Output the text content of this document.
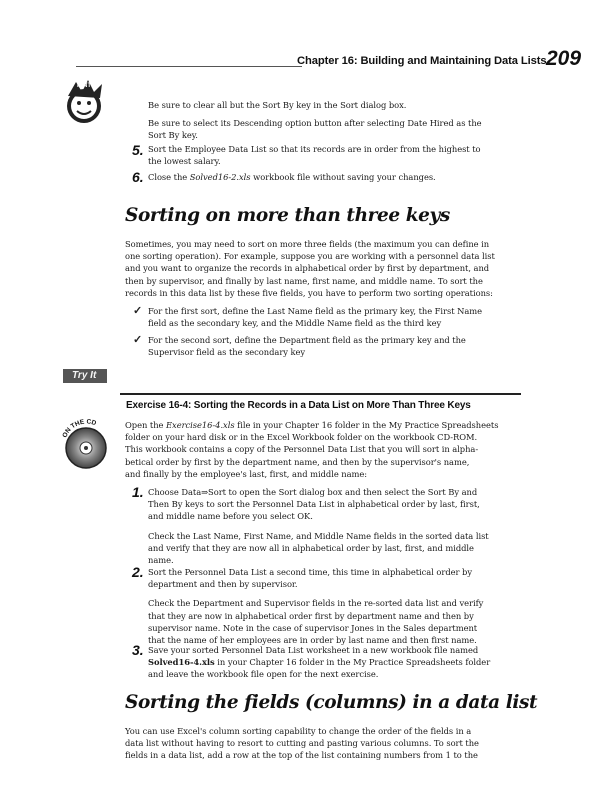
Chapter 16: Building and Maintaining Data Lists 209
HINT

Be sure to clear all but the Sort By key in the Sort dialog box.

Be sure to select its Descending option button after selecting Date Hired as the

Sort By key.

5. Sort the Employee Data List so that its records are in order from the highest to

the lowest salary.

6. Close the Solved16-2.xls workbook file without saving your changes.

Sorting on more than three keys

Sometimes, you may need to sort on more three fields (the maximum you can define in

one sorting operation). For example, suppose you are working with a personnel data list

and you want to organize the records in alphabetical order by first by department, and

then by supervisor, and finally by last name, first name, and middle name. To sort the

records in this data list by these five fields, you have to perform two sorting operations:

✓ For the first sort, define the Last Name field as the primary key, the First Name

field as the secondary key, and the Middle Name field as the third key

✓ For the second sort, define the Department field as the primary key and the

Supervisor field as the secondary key

Try It
Exercise 16-4: Sorting the Records in a Data List on More Than Three Keys
ON THE CD	Open the Exercise16-4.xls file in your Chapter 16 folder in the My Practice Spreadsheets

folder on your hard disk or in the Excel Workbook folder on the workbook CD-ROM.

This workbook contains a copy of the Personnel Data List that you will sort in alpha-

betical order by first by the department name, and then by the supervisor's name,

and finally by the employee's last, first, and middle name:

1. Choose Data⇒Sort to open the Sort dialog box and then select the Sort By and

Then By keys to sort the Personnel Data List in alphabetical order by last, first,

and middle name before you select OK.

Check the Last Name, First Name, and Middle Name fields in the sorted data list

and verify that they are now all in alphabetical order by last, first, and middle

name.

2. Sort the Personnel Data List a second time, this time in alphabetical order by

department and then by supervisor.

Check the Department and Supervisor fields in the re-sorted data list and verify

that they are now in alphabetical order first by department name and then by

supervisor name. Note in the case of supervisor Jones in the Sales department

that the name of her employees are in order by last name and then first name.

3. Save your sorted Personnel Data List worksheet in a new workbook file named

Solved16-4.xls in your Chapter 16 folder in the My Practice Spreadsheets folder

and leave the workbook file open for the next exercise.

Sorting the fields (columns) in a data list

You can use Excel's column sorting capability to change the order of the fields in a

data list without having to resort to cutting and pasting various columns. To sort the

fields in a data list, add a row at the top of the list containing numbers from 1 to the
